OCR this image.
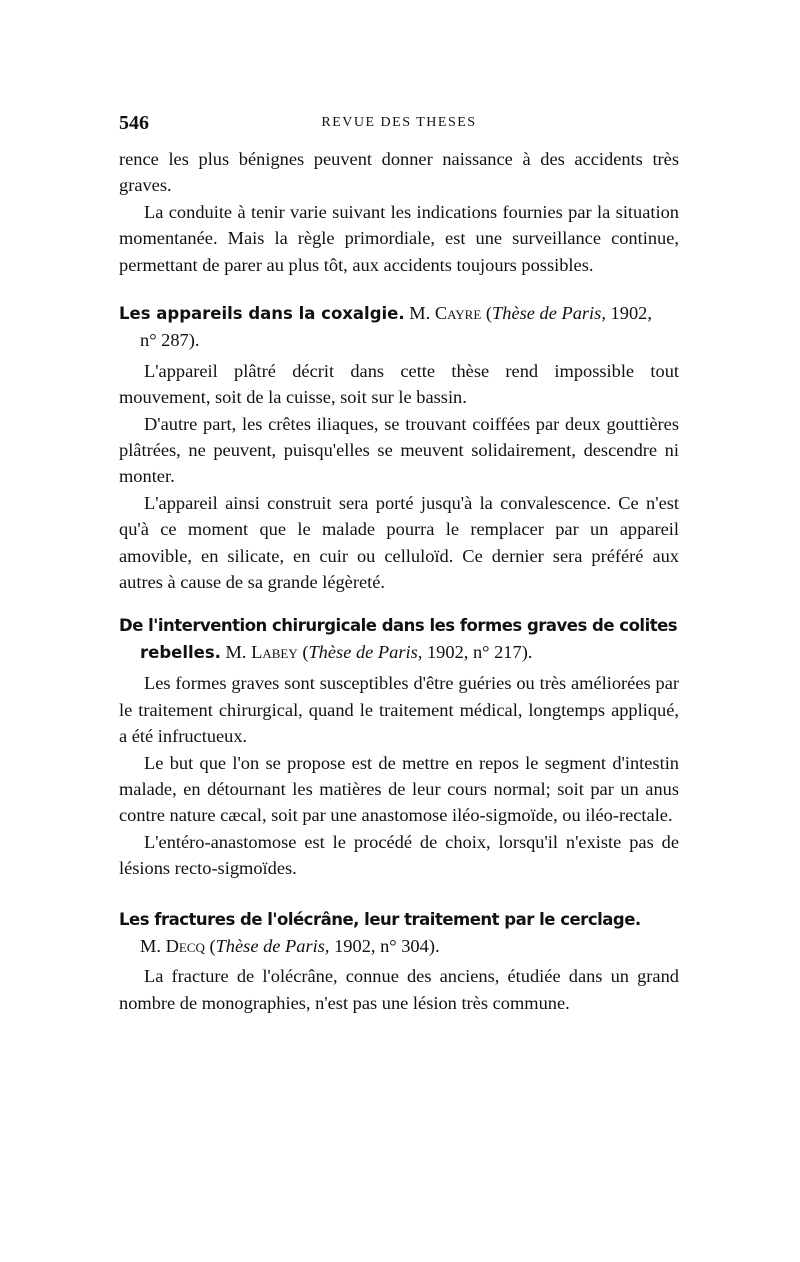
546	REVUE DES THESES

rence les plus bénignes peuvent donner naissance à des accidents très graves.

La conduite à tenir varie suivant les indications fournies par la situation momentanée. Mais la règle primordiale, est une surveillance continue, permettant de parer au plus tôt, aux accidents toujours possibles.

Les appareils dans la coxalgie. M. Cayre (Thèse de Paris, 1902,
n° 287).

L'appareil plâtré décrit dans cette thèse rend impossible tout mouvement, soit de la cuisse, soit sur le bassin.

D'autre part, les crêtes iliaques, se trouvant coiffées par deux gouttières plâtrées, ne peuvent, puisqu'elles se meuvent solidairement, descendre ni monter.

L'appareil ainsi construit sera porté jusqu'à la convalescence. Ce n'est qu'à ce moment que le malade pourra le remplacer par un appareil amovible, en silicate, en cuir ou celluloïd. Ce dernier sera préféré aux autres à cause de sa grande légèreté.

De l'intervention chirurgicale dans les formes graves de colites
rebelles. M. Labey (Thèse de Paris, 1902, n° 217).

Les formes graves sont susceptibles d'être guéries ou très améliorées par le traitement chirurgical, quand le traitement médical, longtemps appliqué, a été infructueux.

Le but que l'on se propose est de mettre en repos le segment d'intestin malade, en détournant les matières de leur cours normal; soit par un anus contre nature cæcal, soit par une anastomose iléo-sigmoïde, ou iléo-rectale.

L'entéro-anastomose est le procédé de choix, lorsqu'il n'existe pas de lésions recto-sigmoïdes.

Les fractures de l'olécrâne, leur traitement par le cerclage.
M. Decq (Thèse de Paris, 1902, n° 304).

La fracture de l'olécrâne, connue des anciens, étudiée dans un grand nombre de monographies, n'est pas une lésion très commune.
